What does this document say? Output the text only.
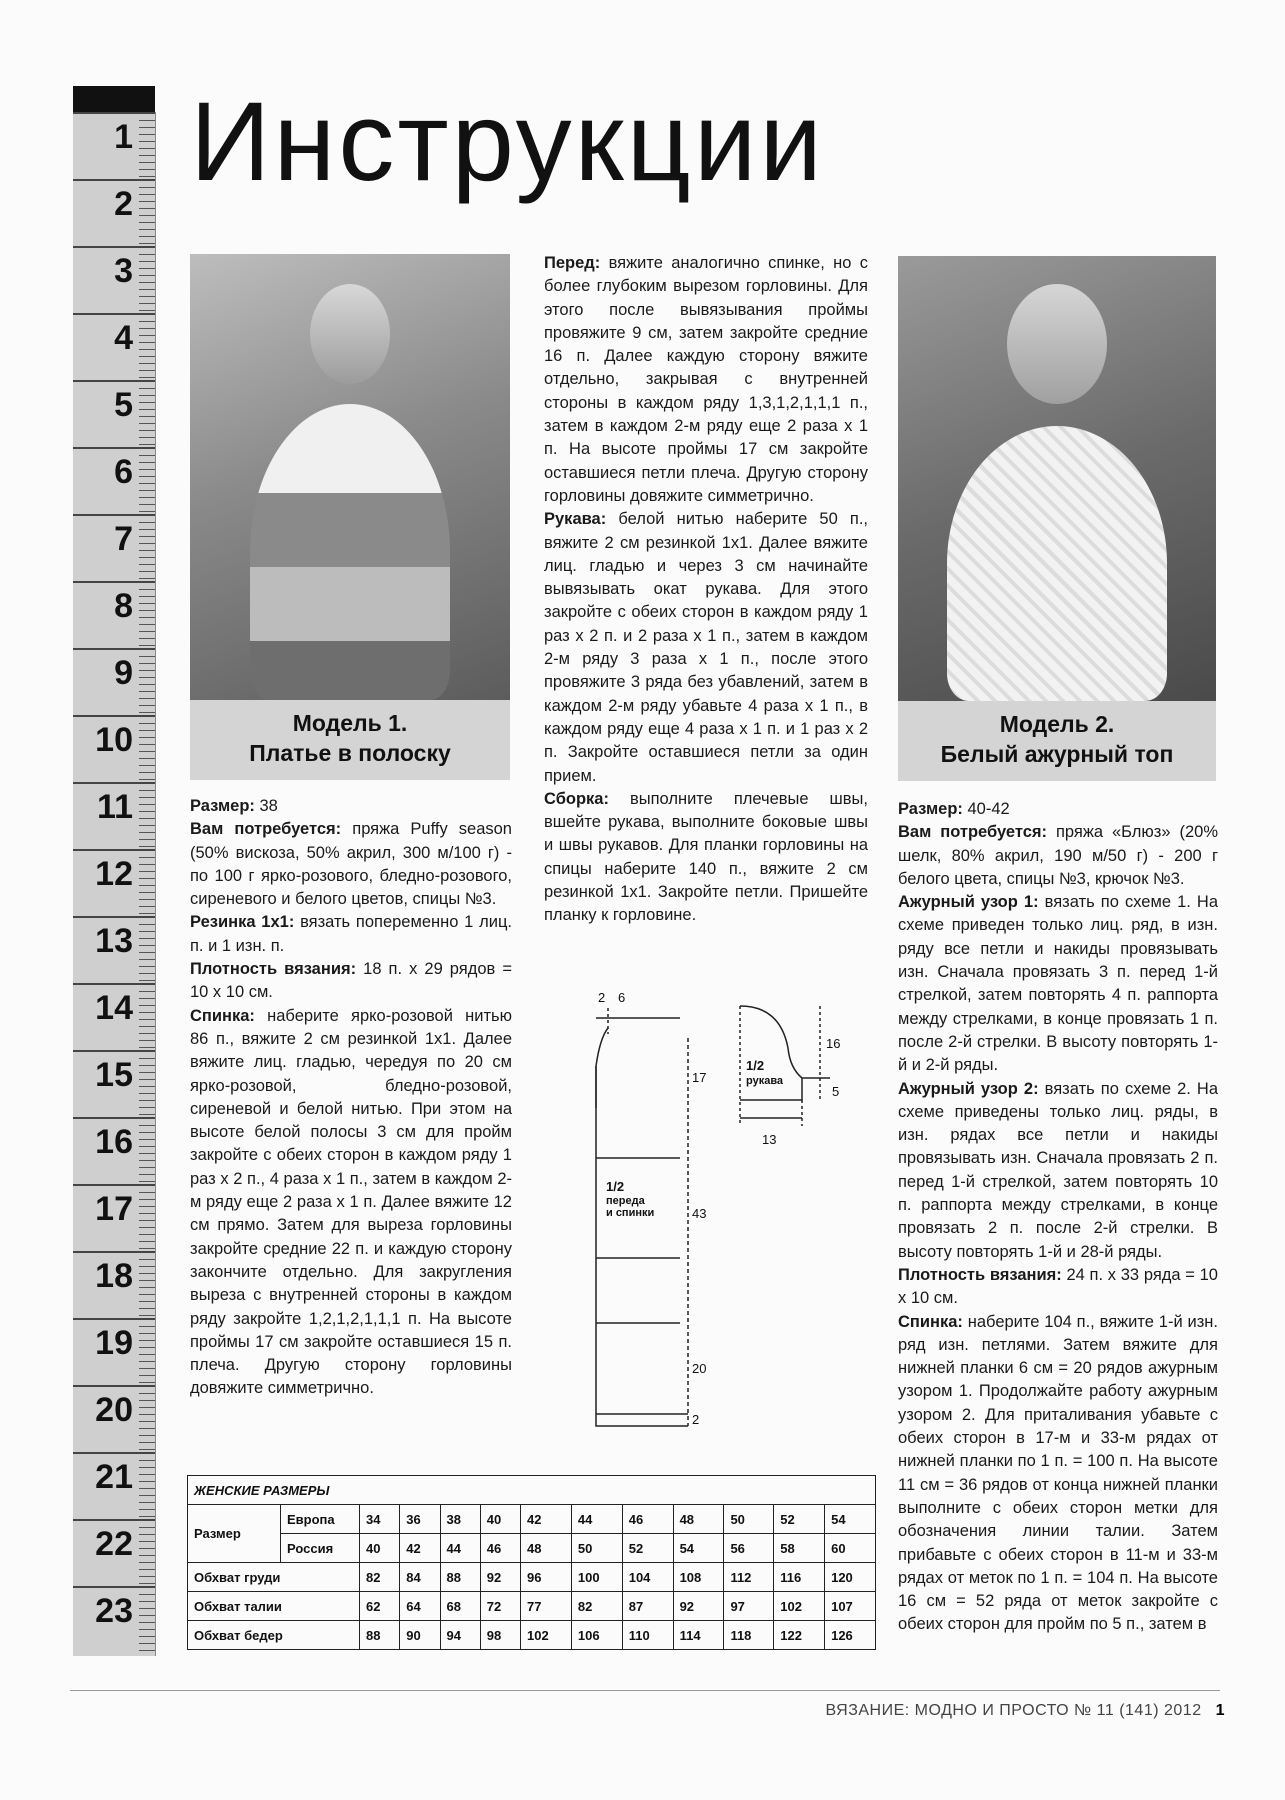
1
2
3
4
5
6
7
8
9
10
11
12
13
14
15
16
17
18
19
20
21
22
23
Инструкции
Модель 1.
Платье в полоску
Модель 2.
Белый ажурный топ

Размер: 38

Вам потребуется: пряжа Puffy season (50% вискоза, 50% акрил, 300 м/100 г) - по 100 г ярко-розового, бледно-розового, сиреневого и белого цветов, спицы №3.

Резинка 1х1: вязать попеременно 1 лиц. п. и 1 изн. п.

Плотность вязания: 18 п. х 29 рядов = 10 х 10 см.

Спинка: наберите ярко-розовой нитью 86 п., вяжите 2 см резинкой 1х1. Далее вяжите лиц. гладью, чередуя по 20 см ярко-розовой, бледно-розовой, сиреневой и белой нитью. При этом на высоте белой полосы 3 см для пройм закройте с обеих сторон в каждом ряду 1 раз х 2 п., 4 раза х 1 п., затем в каждом 2-м ряду еще 2 раза х 1 п. Далее вяжите 12 см прямо. Затем для выреза горловины закройте средние 22 п. и каждую сторону закончите отдельно. Для закругления выреза с внутренней стороны в каждом ряду закройте 1,2,1,2,1,1,1 п. На высоте проймы 17 см закройте оставшиеся 15 п. плеча. Другую сторону горловины довяжите симметрично.

Перед: вяжите аналогично спинке, но с более глубоким вырезом горловины. Для этого после вывязывания проймы провяжите 9 см, затем закройте средние 16 п. Далее каждую сторону вяжите отдельно, закрывая с внутренней стороны в каждом ряду 1,3,1,2,1,1,1 п., затем в каждом 2-м ряду еще 2 раза х 1 п. На высоте проймы 17 см закройте оставшиеся петли плеча. Другую сторону горловины довяжите симметрично.

Рукава: белой нитью наберите 50 п., вяжите 2 см резинкой 1х1. Далее вяжите лиц. гладью и через 3 см начинайте вывязывать окат рукава. Для этого закройте с обеих сторон в каждом ряду 1 раз х 2 п. и 2 раза х 1 п., затем в каждом 2-м ряду 3 раза х 1 п., после этого провяжите 3 ряда без убавлений, затем в каждом 2-м ряду убавьте 4 раза х 1 п., в каждом ряду еще 4 раза х 1 п. и 1 раз х 2 п. Закройте оставшиеся петли за один прием.

Сборка: выполните плечевые швы, вшейте рукава, выполните боковые швы и швы рукавов. Для планки горловины на спицы наберите 140 п., вяжите 2 см резинкой 1х1. Закройте петли. Пришейте планку к горловине.

Размер: 40-42

Вам потребуется: пряжа «Блюз» (20% шелк, 80% акрил, 190 м/50 г) - 200 г белого цвета, спицы №3, крючок №3.

Ажурный узор 1: вязать по схеме 1. На схеме приведен только лиц. ряд, в изн. ряду все петли и накиды провязывать изн. Сначала провязать 3 п. перед 1-й стрелкой, затем повторять 4 п. раппорта между стрелками, в конце провязать 1 п. после 2-й стрелки. В высоту повторять 1-й и 2-й ряды.

Ажурный узор 2: вязать по схеме 2. На схеме приведены только лиц. ряды, в изн. рядах все петли и накиды провязывать изн. Сначала провязать 2 п. перед 1-й стрелкой, затем повторять 10 п. раппорта между стрелками, в конце провязать 2 п. после 2-й стрелки. В высоту повторять 1-й и 28-й ряды.

Плотность вязания: 24 п. х 33 ряда = 10 х 10 см.

Спинка: наберите 104 п., вяжите 1-й изн. ряд изн. петлями. Затем вяжите для нижней планки 6 см = 20 рядов ажурным узором 1. Продолжайте работу ажурным узором 2. Для приталивания убавьте с обеих сторон в 17-м и 33-м рядах от нижней планки по 1 п. = 100 п. На высоте 11 см = 36 рядов от конца нижней планки выполните с обеих сторон метки для обозначения линии талии. Затем прибавьте с обеих сторон в 11-м и 33-м рядах от меток по 1 п. = 104 п. На высоте 16 см = 52 ряда от меток закройте с обеих сторон для пройм по 5 п., затем в

2 6
17
43
20
2
1/2
переда
и спинки
1/2
рукава
16
5
13
ЖЕНСКИЕ РАЗМЕРЫ												
Размер	Европа	34	36	38	40	42	44	46	48	50	52	54
	Россия	40	42	44	46	48	50	52	54	56	58	60
Обхват груди		82	84	88	92	96	100	104	108	112	116	120
Обхват талии		62	64	68	72	77	82	87	92	97	102	107
Обхват бедер		88	90	94	98	102	106	110	114	118	122	126
ВЯЗАНИЕ: МОДНО И ПРОСТО № 11 (141) 2012 1
